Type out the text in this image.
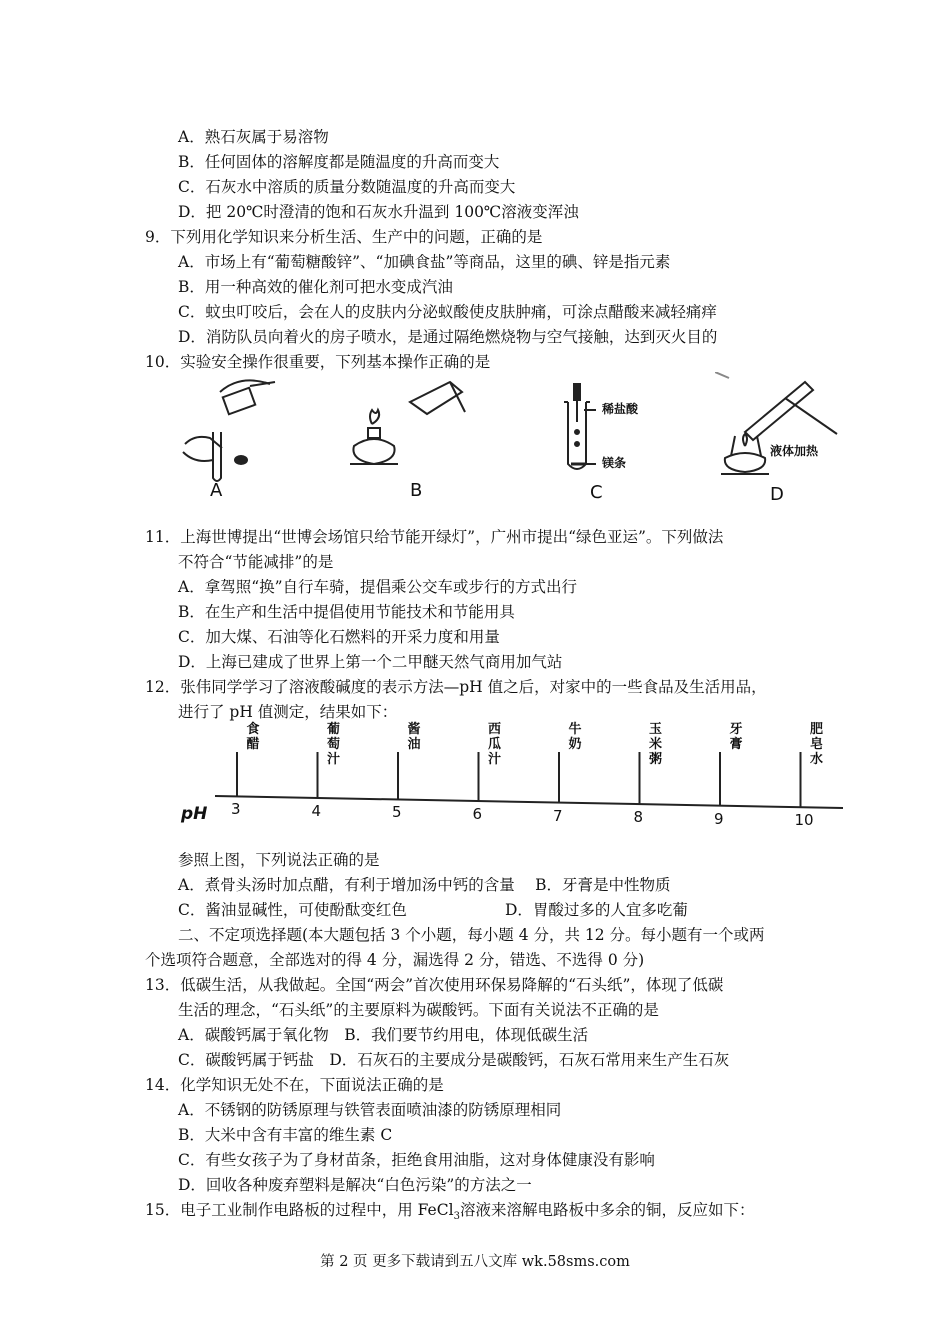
A．熟石灰属于易溶物
B．任何固体的溶解度都是随温度的升高而变大
C．石灰水中溶质的质量分数随温度的升高而变大
D．把 20℃时澄清的饱和石灰水升温到 100℃溶液变浑浊
9．下列用化学知识来分析生活、生产中的问题，正确的是
A．市场上有“葡萄糖酸锌”、“加碘食盐”等商品，这里的碘、锌是指元素
B．用一种高效的催化剂可把水变成汽油
C．蚊虫叮咬后，会在人的皮肤内分泌蚁酸使皮肤肿痛，可涂点醋酸来减轻痛痒
D．消防队员向着火的房子喷水，是通过隔绝燃烧物与空气接触，达到灭火目的
10．实验安全操作很重要，下列基本操作正确的是
A	B
稀盐酸
镁条
C
液体加热
D
11．上海世博提出“世博会场馆只给节能开绿灯”，广州市提出“绿色亚运”。下列做法
不符合“节能减排”的是
A．拿驾照“换”自行车骑，提倡乘公交车或步行的方式出行
B．在生产和生活中提倡使用节能技术和节能用具
C．加大煤、石油等化石燃料的开采力度和用量
D．上海已建成了世界上第一个二甲醚天然气商用加气站
12．张伟同学学习了溶液酸碱度的表示方法—pH 值之后，对家中的一些食品及生活用品，
进行了 pH 值测定，结果如下：
pH
食醋
葡萄汁
酱油
西瓜汁
牛奶
玉米粥
牙膏
肥皂水
3	4	5	6	7	8	9	10
参照上图，下列说法正确的是
A．煮骨头汤时加点醋，有利于增加汤中钙的含量　 B．牙膏是中性物质
C．酱油显碱性，可使酚酞变红色	D．胃酸过多的人宜多吃葡
二、不定项选择题(本大题包括 3 个小题，每小题 4 分，共 12 分。每小题有一个或两
个选项符合题意，全部选对的得 4 分，漏选得 2 分，错选、不选得 0 分)
13．低碳生活，从我做起。全国“两会”首次使用环保易降解的“石头纸”，体现了低碳
生活的理念，“石头纸”的主要原料为碳酸钙。下面有关说法不正确的是
A．碳酸钙属于氧化物　B．我们要节约用电，体现低碳生活
C．碳酸钙属于钙盐　D．石灰石的主要成分是碳酸钙，石灰石常用来生产生石灰
14．化学知识无处不在，下面说法正确的是
A．不锈钢的防锈原理与铁管表面喷油漆的防锈原理相同
B．大米中含有丰富的维生素 C
C．有些女孩子为了身材苗条，拒绝食用油脂，这对身体健康没有影响
D．回收各种废弃塑料是解决“白色污染”的方法之一
15．电子工业制作电路板的过程中，用 FeCl$_3$溶液来溶解电路板中多余的铜，反应如下：
第 2 页 更多下载请到五八文库 wk.58sms.com
